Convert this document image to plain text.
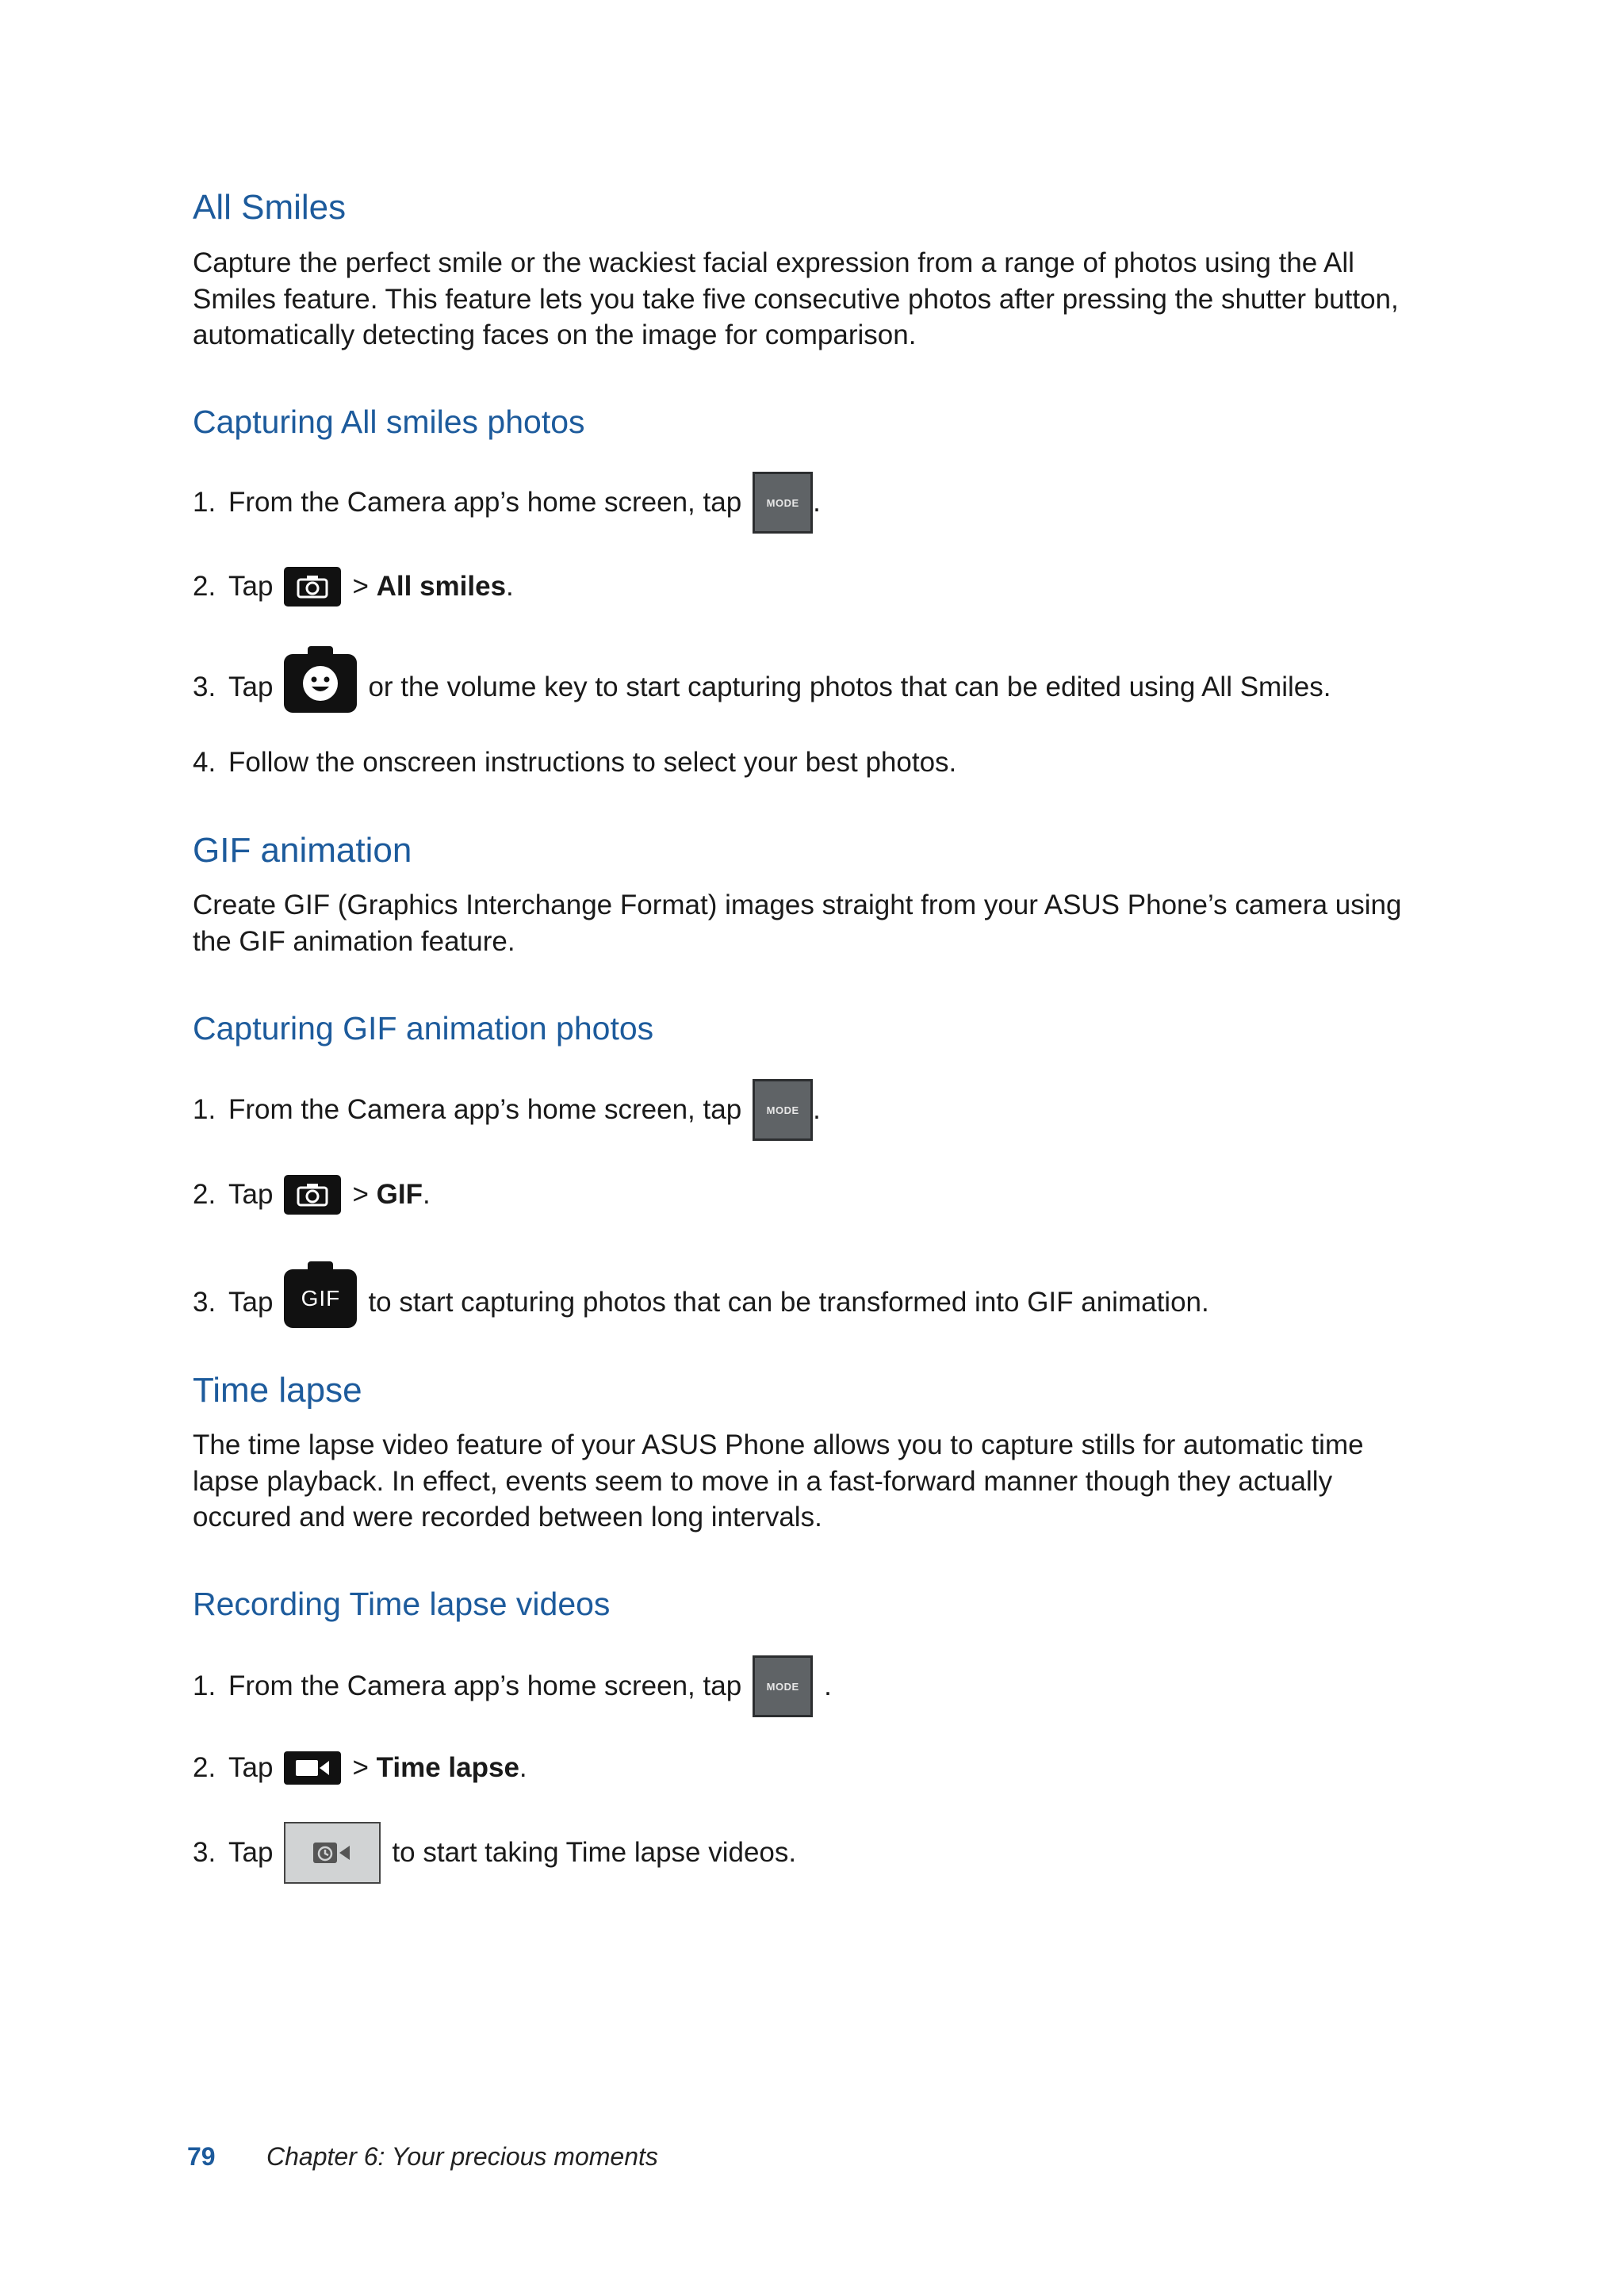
All Smiles

Capture the perfect smile or the wackiest facial expression from a range of photos using the All Smiles feature. This feature lets you take five consecutive photos after pressing the shutter button, automatically detecting faces on the image for comparison.

Capturing All smiles photos
1. From the Camera app’s home screen, tap MODE .
2. Tap	>
All smiles .
3. Tap	or the volume key to start capturing photos that can be edited using All Smiles.
4. Follow the onscreen instructions to select your best photos.
GIF animation

Create GIF (Graphics Interchange Format) images straight from your ASUS Phone’s camera using the GIF animation feature.

Capturing GIF animation photos
1. From the Camera app’s home screen, tap MODE .
2. Tap	>
GIF .
3. Tap GIF to start capturing photos that can be transformed into GIF animation.
Time lapse

The time lapse video feature of your ASUS Phone allows you to capture stills for automatic time lapse playback. In effect, events seem to move in a fast-forward manner though they actually occured and were recorded between long intervals.

Recording Time lapse videos
1. From the Camera app’s home screen, tap MODE .
2. Tap	>
Time lapse .
3. Tap	to start taking Time lapse videos.
79 Chapter 6: Your precious moments
